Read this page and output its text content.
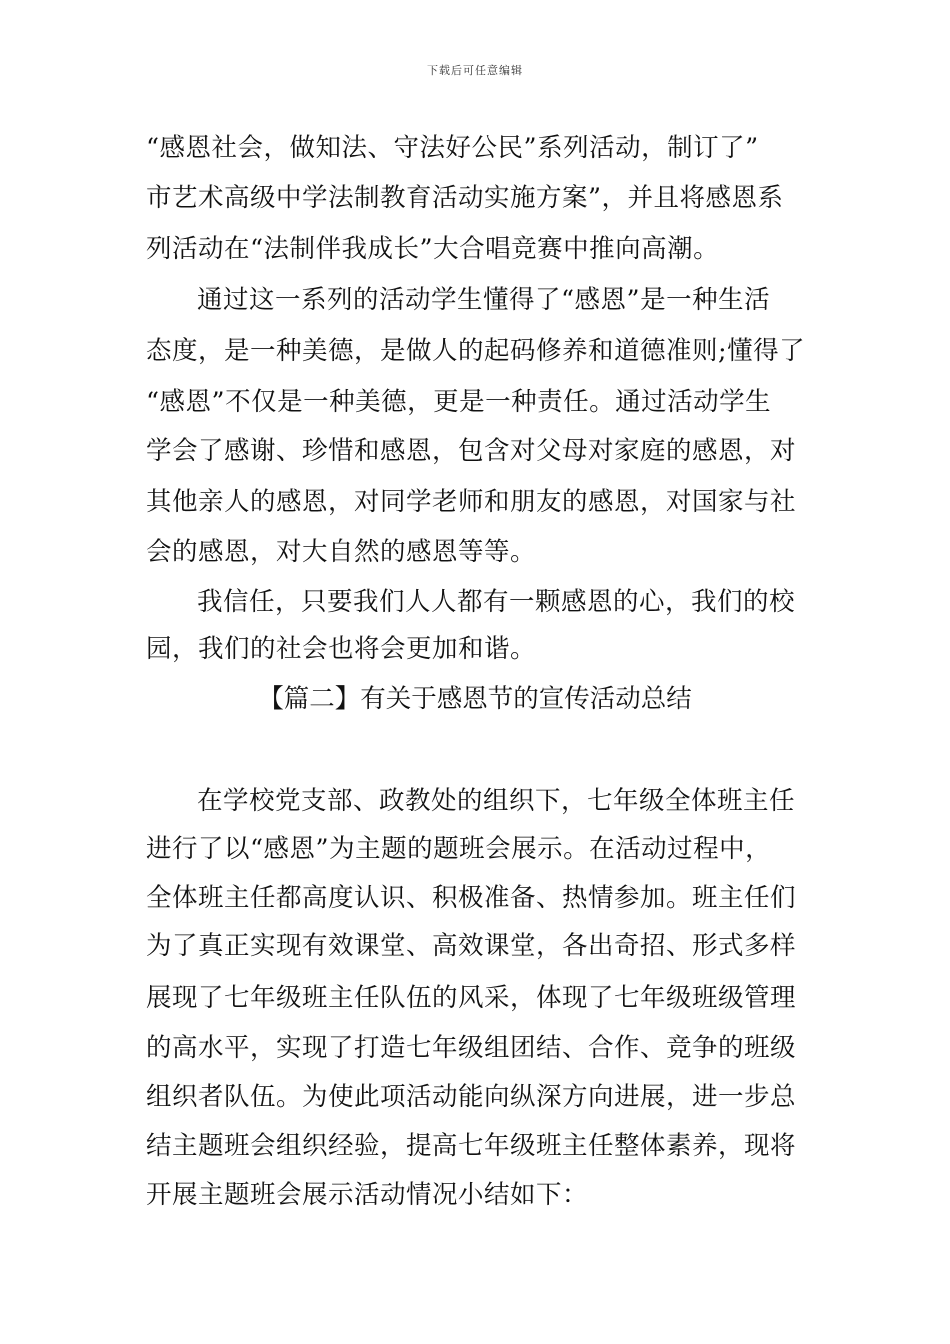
下载后可任意编辑
“感恩社会，做知法、守法好公民”系列活动，制订了”
市艺术高级中学法制教育活动实施方案”，并且将感恩系
列活动在“法制伴我成长”大合唱竞赛中推向高潮。
通过这一系列的活动学生懂得了“感恩”是一种生活
态度，是一种美德，是做人的起码修养和道德准则;懂得了
“感恩”不仅是一种美德，更是一种责任。通过活动学生
学会了感谢、珍惜和感恩，包含对父母对家庭的感恩，对
其他亲人的感恩，对同学老师和朋友的感恩，对国家与社
会的感恩，对大自然的感恩等等。
我信任，只要我们人人都有一颗感恩的心，我们的校
园，我们的社会也将会更加和谐。
【篇二】有关于感恩节的宣传活动总结
在学校党支部、政教处的组织下，七年级全体班主任
进行了以“感恩”为主题的题班会展示。在活动过程中，
全体班主任都高度认识、积极准备、热情参加。班主任们
为了真正实现有效课堂、高效课堂，各出奇招、形式多样
展现了七年级班主任队伍的风采，体现了七年级班级管理
的高水平，实现了打造七年级组团结、合作、竞争的班级
组织者队伍。为使此项活动能向纵深方向进展，进一步总
结主题班会组织经验，提高七年级班主任整体素养，现将
开展主题班会展示活动情况小结如下：
